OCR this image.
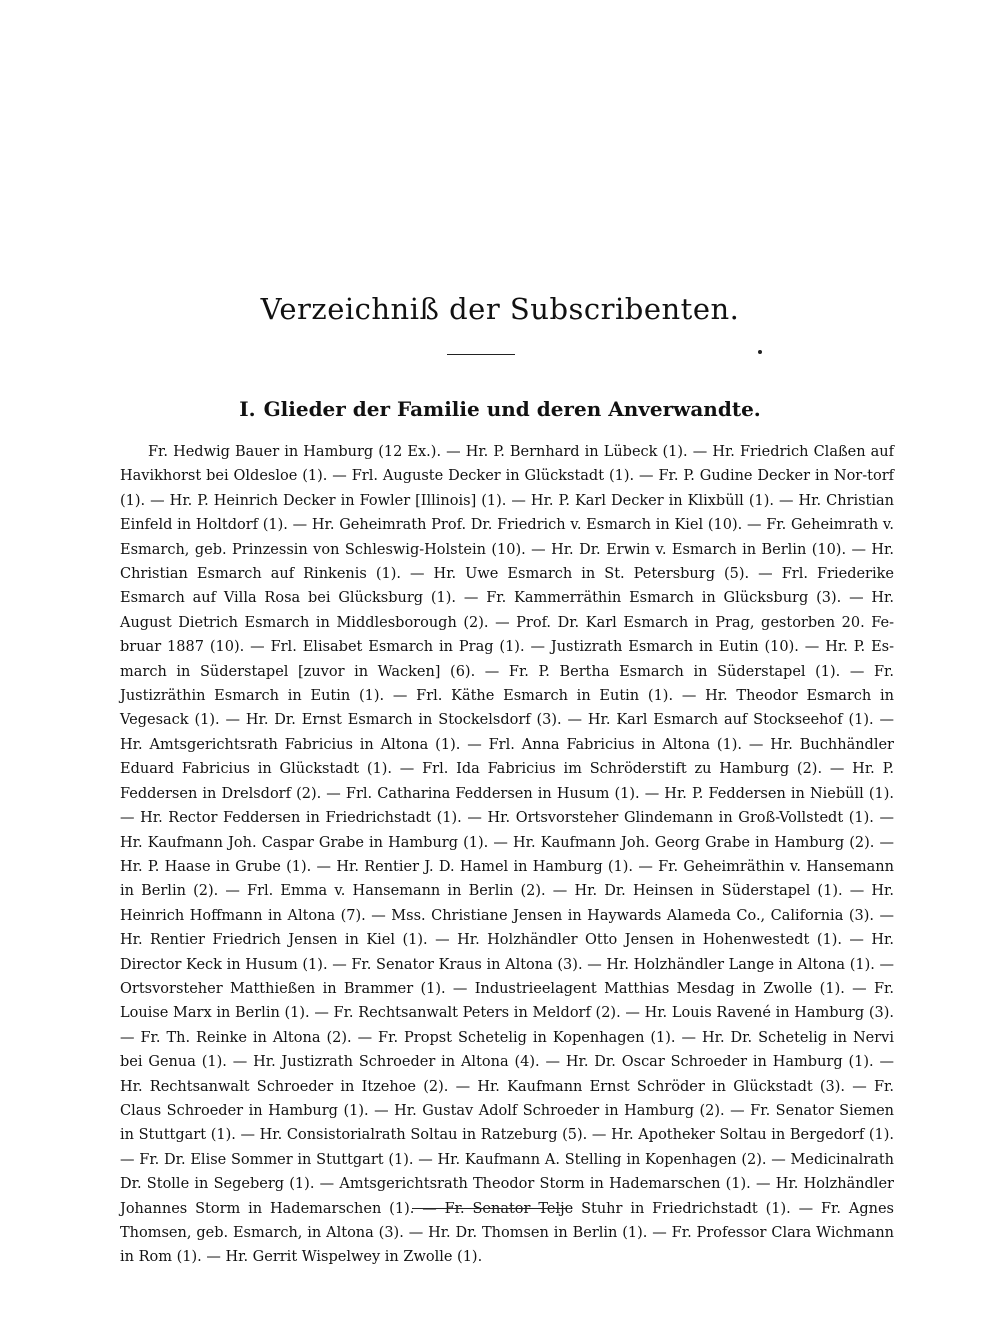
Verzeichniß der Subscribenten.
I. Glieder der Familie und deren Anverwandte.

Fr. Hedwig Bauer in Hamburg (12 Ex.). — Hr. P. Bernhard in Lübeck (1). — Hr. Friedrich Claßen auf Havikhorst bei Oldesloe (1). — Frl. Auguste Decker in Glückstadt (1). — Fr. P. Gudine Decker in Nor-torf (1). — Hr. P. Heinrich Decker in Fowler [Illinois] (1). — Hr. P. Karl Decker in Klixbüll (1). — Hr. Christian Einfeld in Holtdorf (1). — Hr. Geheimrath Prof. Dr. Friedrich v. Esmarch in Kiel (10). — Fr. Geheimrath v. Esmarch, geb. Prinzessin von Schleswig-Holstein (10). — Hr. Dr. Erwin v. Esmarch in Berlin (10). — Hr. Christian Esmarch auf Rinkenis (1). — Hr. Uwe Esmarch in St. Petersburg (5). — Frl. Friederike Esmarch auf Villa Rosa bei Glücksburg (1). — Fr. Kammerräthin Esmarch in Glücksburg (3). — Hr. August Dietrich Esmarch in Middlesborough (2). — Prof. Dr. Karl Esmarch in Prag, gestorben 20. Fe-bruar 1887 (10). — Frl. Elisabet Esmarch in Prag (1). — Justizrath Esmarch in Eutin (10). — Hr. P. Es-march in Süderstapel [zuvor in Wacken] (6). — Fr. P. Bertha Esmarch in Süderstapel (1). — Fr. Justizräthin Esmarch in Eutin (1). — Frl. Käthe Esmarch in Eutin (1). — Hr. Theodor Esmarch in Vegesack (1). — Hr. Dr. Ernst Esmarch in Stockelsdorf (3). — Hr. Karl Esmarch auf Stockseehof (1). — Hr. Amtsgerichtsrath Fabricius in Altona (1). — Frl. Anna Fabricius in Altona (1). — Hr. Buchhändler Eduard Fabricius in Glückstadt (1). — Frl. Ida Fabricius im Schröderstift zu Hamburg (2). — Hr. P. Feddersen in Drelsdorf (2). — Frl. Catharina Feddersen in Husum (1). — Hr. P. Feddersen in Niebüll (1). — Hr. Rector Feddersen in Friedrichstadt (1). — Hr. Ortsvorsteher Glindemann in Groß-Vollstedt (1). — Hr. Kaufmann Joh. Caspar Grabe in Hamburg (1). — Hr. Kaufmann Joh. Georg Grabe in Hamburg (2). — Hr. P. Haase in Grube (1). — Hr. Rentier J. D. Hamel in Hamburg (1). — Fr. Geheimräthin v. Hansemann in Berlin (2). — Frl. Emma v. Hansemann in Berlin (2). — Hr. Dr. Heinsen in Süderstapel (1). — Hr. Heinrich Hoffmann in Altona (7). — Mss. Christiane Jensen in Haywards Alameda Co., California (3). — Hr. Rentier Friedrich Jensen in Kiel (1). — Hr. Holzhändler Otto Jensen in Hohenwestedt (1). — Hr. Director Keck in Husum (1). — Fr. Senator Kraus in Altona (3). — Hr. Holzhändler Lange in Altona (1). — Ortsvorsteher Matthießen in Brammer (1). — Industrieelagent Matthias Mesdag in Zwolle (1). — Fr. Louise Marx in Berlin (1). — Fr. Rechtsanwalt Peters in Meldorf (2). — Hr. Louis Ravené in Hamburg (3). — Fr. Th. Reinke in Altona (2). — Fr. Propst Schetelig in Kopenhagen (1). — Hr. Dr. Schetelig in Nervi bei Genua (1). — Hr. Justizrath Schroeder in Altona (4). — Hr. Dr. Oscar Schroeder in Hamburg (1). — Hr. Rechtsanwalt Schroeder in Itzehoe (2). — Hr. Kaufmann Ernst Schröder in Glückstadt (3). — Fr. Claus Schroeder in Hamburg (1). — Hr. Gustav Adolf Schroeder in Hamburg (2). — Fr. Senator Siemen in Stuttgart (1). — Hr. Consistorialrath Soltau in Ratzeburg (5). — Hr. Apotheker Soltau in Bergedorf (1). — Fr. Dr. Elise Sommer in Stuttgart (1). — Hr. Kaufmann A. Stelling in Kopenhagen (2). — Medicinalrath Dr. Stolle in Segeberg (1). — Amtsgerichtsrath Theodor Storm in Hademarschen (1). — Hr. Holzhändler Johannes Storm in Hademarschen (1). — Fr. Senator Telje Stuhr in Friedrichstadt (1). — Fr. Agnes Thomsen, geb. Esmarch, in Altona (3). — Hr. Dr. Thomsen in Berlin (1). — Fr. Professor Clara Wichmann in Rom (1). — Hr. Gerrit Wispelwey in Zwolle (1).
